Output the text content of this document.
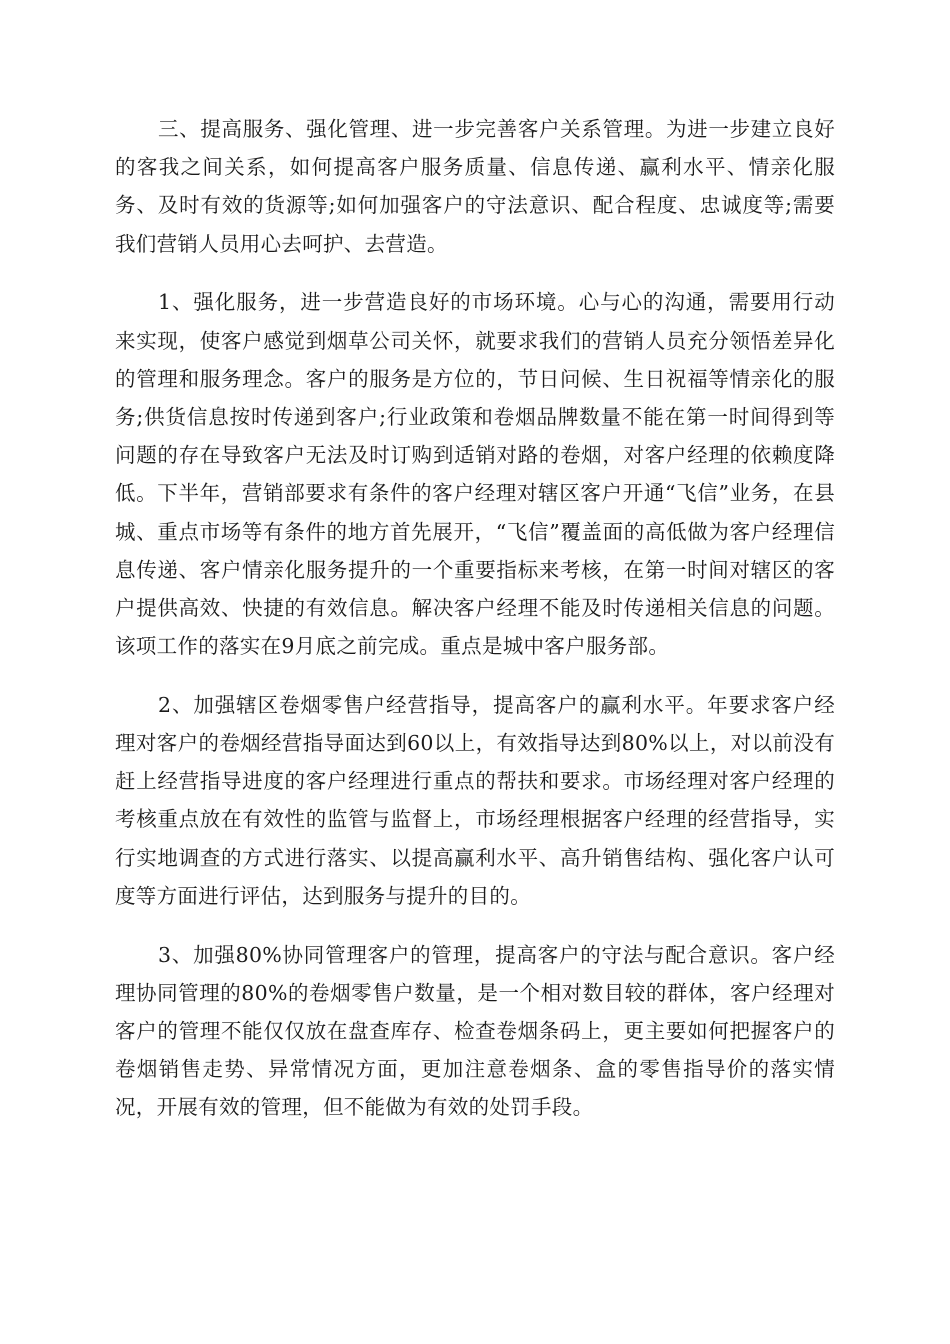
三、提高服务、强化管理、进一步完善客户关系管理。为进一步建立良好的客我之间关系，如何提高客户服务质量、信息传递、赢利水平、情亲化服务、及时有效的货源等;如何加强客户的守法意识、配合程度、忠诚度等;需要我们营销人员用心去呵护、去营造。

1、强化服务，进一步营造良好的市场环境。心与心的沟通，需要用行动来实现，使客户感觉到烟草公司关怀，就要求我们的营销人员充分领悟差异化的管理和服务理念。客户的服务是方位的，节日问候、生日祝福等情亲化的服务;供货信息按时传递到客户;行业政策和卷烟品牌数量不能在第一时间得到等问题的存在导致客户无法及时订购到适销对路的卷烟，对客户经理的依赖度降低。下半年，营销部要求有条件的客户经理对辖区客户开通“飞信”业务，在县城、重点市场等有条件的地方首先展开，“飞信”覆盖面的高低做为客户经理信息传递、客户情亲化服务提升的一个重要指标来考核，在第一时间对辖区的客户提供高效、快捷的有效信息。解决客户经理不能及时传递相关信息的问题。该项工作的落实在9月底之前完成。重点是城中客户服务部。

2、加强辖区卷烟零售户经营指导，提高客户的赢利水平。年要求客户经理对客户的卷烟经营指导面达到60以上，有效指导达到80%以上，对以前没有赶上经营指导进度的客户经理进行重点的帮扶和要求。市场经理对客户经理的考核重点放在有效性的监管与监督上，市场经理根据客户经理的经营指导，实行实地调查的方式进行落实、以提高赢利水平、高升销售结构、强化客户认可度等方面进行评估，达到服务与提升的目的。

3、加强80%协同管理客户的管理，提高客户的守法与配合意识。客户经理协同管理的80%的卷烟零售户数量，是一个相对数目较的群体，客户经理对客户的管理不能仅仅放在盘查库存、检查卷烟条码上，更主要如何把握客户的卷烟销售走势、异常情况方面，更加注意卷烟条、盒的零售指导价的落实情况，开展有效的管理，但不能做为有效的处罚手段。
